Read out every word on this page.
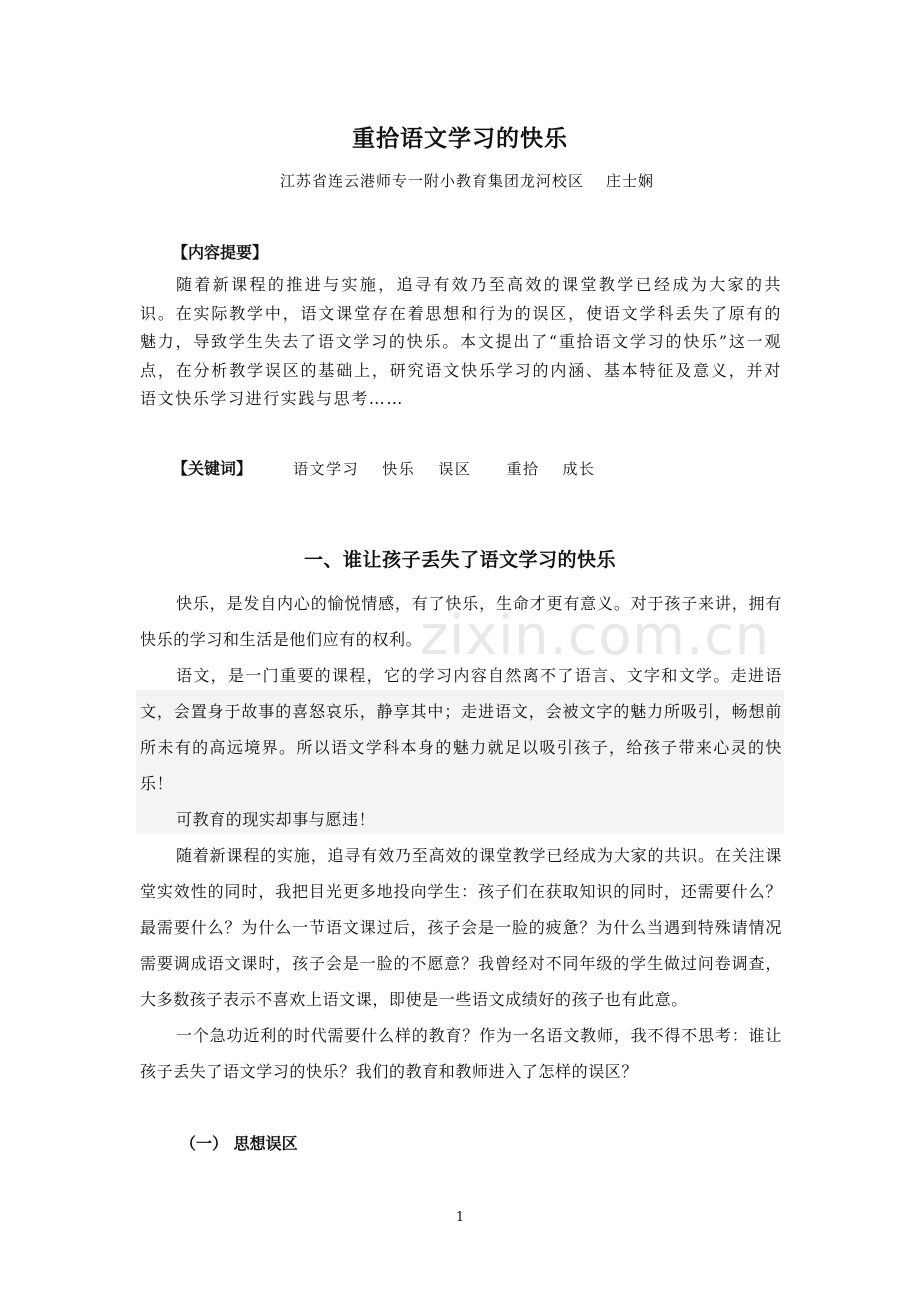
zixin.com.cn
重拾语文学习的快乐
江苏省连云港师专一附小教育集团龙河校区 庄士娴
【内容提要】
随着新课程的推进与实施，追寻有效乃至高效的课堂教学已经成为大家的共识。在实际教学中，语文课堂存在着思想和行为的误区，使语文学科丢失了原有的魅力，导致学生失去了语文学习的快乐。本文提出了“重拾语文学习的快乐”这一观点，在分析教学误区的基础上，研究语文快乐学习的内涵、基本特征及意义，并对语文快乐学习进行实践与思考……
【关键词】	语文学习 快乐 误区 重拾 成长
一、谁让孩子丢失了语文学习的快乐

快乐，是发自内心的愉悦情感，有了快乐，生命才更有意义。对于孩子来讲，拥有快乐的学习和生活是他们应有的权利。

语文，是一门重要的课程，它的学习内容自然离不了语言、文字和文学。走进语文，会置身于故事的喜怒哀乐，静享其中；走进语文，会被文字的魅力所吸引，畅想前所未有的高远境界。所以语文学科本身的魅力就足以吸引孩子，给孩子带来心灵的快乐！

可教育的现实却事与愿违！

随着新课程的实施，追寻有效乃至高效的课堂教学已经成为大家的共识。在关注课堂实效性的同时，我把目光更多地投向学生：孩子们在获取知识的同时，还需要什么？最需要什么？为什么一节语文课过后，孩子会是一脸的疲惫？为什么当遇到特殊请情况需要调成语文课时，孩子会是一脸的不愿意？我曾经对不同年级的学生做过问卷调查，大多数孩子表示不喜欢上语文课，即使是一些语文成绩好的孩子也有此意。

一个急功近利的时代需要什么样的教育？作为一名语文教师，我不得不思考：谁让孩子丢失了语文学习的快乐？我们的教育和教师进入了怎样的误区？

（一） 思想误区
1
